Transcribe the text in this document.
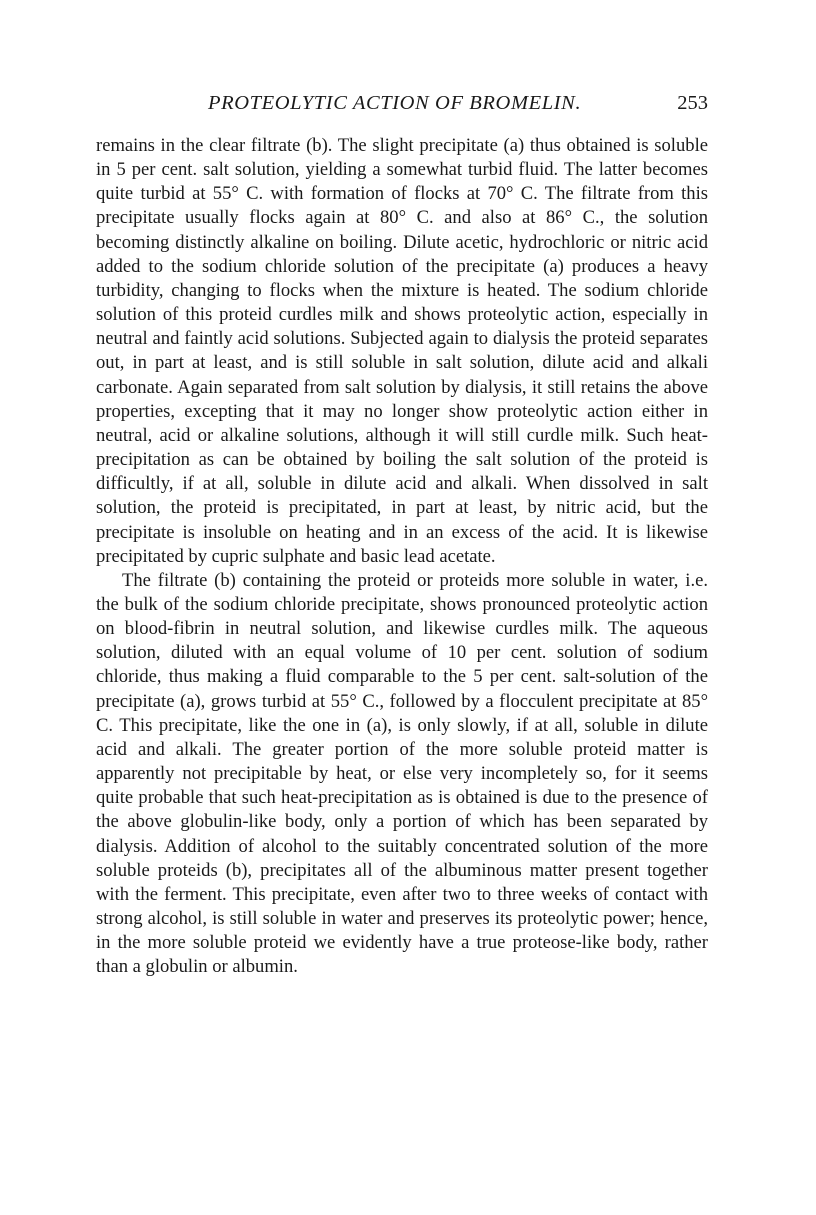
PROTEOLYTIC ACTION OF BROMELIN.	253

remains in the clear filtrate (b). The slight precipitate (a) thus obtained is soluble in 5 per cent. salt solution, yielding a somewhat turbid fluid. The latter becomes quite turbid at 55° C. with formation of flocks at 70° C. The filtrate from this precipitate usually flocks again at 80° C. and also at 86° C., the solution becoming distinctly alkaline on boiling. Dilute acetic, hydrochloric or nitric acid added to the sodium chloride solution of the precipitate (a) produces a heavy turbidity, changing to flocks when the mixture is heated. The sodium chloride solution of this proteid curdles milk and shows proteolytic action, especially in neutral and faintly acid solutions. Subjected again to dialysis the proteid separates out, in part at least, and is still soluble in salt solution, dilute acid and alkali carbonate. Again separated from salt solution by dialysis, it still retains the above properties, excepting that it may no longer show proteolytic action either in neutral, acid or alkaline solutions, although it will still curdle milk. Such heat-precipitation as can be obtained by boiling the salt solution of the proteid is difficultly, if at all, soluble in dilute acid and alkali. When dissolved in salt solution, the proteid is precipitated, in part at least, by nitric acid, but the precipitate is insoluble on heating and in an excess of the acid. It is likewise precipitated by cupric sulphate and basic lead acetate.

The filtrate (b) containing the proteid or proteids more soluble in water, i.e. the bulk of the sodium chloride precipitate, shows pronounced proteolytic action on blood-fibrin in neutral solution, and likewise curdles milk. The aqueous solution, diluted with an equal volume of 10 per cent. solution of sodium chloride, thus making a fluid comparable to the 5 per cent. salt-solution of the precipitate (a), grows turbid at 55° C., followed by a flocculent precipitate at 85° C. This precipitate, like the one in (a), is only slowly, if at all, soluble in dilute acid and alkali. The greater portion of the more soluble proteid matter is apparently not precipitable by heat, or else very incompletely so, for it seems quite probable that such heat-precipitation as is obtained is due to the presence of the above globulin-like body, only a portion of which has been separated by dialysis. Addition of alcohol to the suitably concentrated solution of the more soluble proteids (b), precipitates all of the albuminous matter present together with the ferment. This precipitate, even after two to three weeks of contact with strong alcohol, is still soluble in water and preserves its proteolytic power; hence, in the more soluble proteid we evidently have a true proteose-like body, rather than a globulin or albumin.
